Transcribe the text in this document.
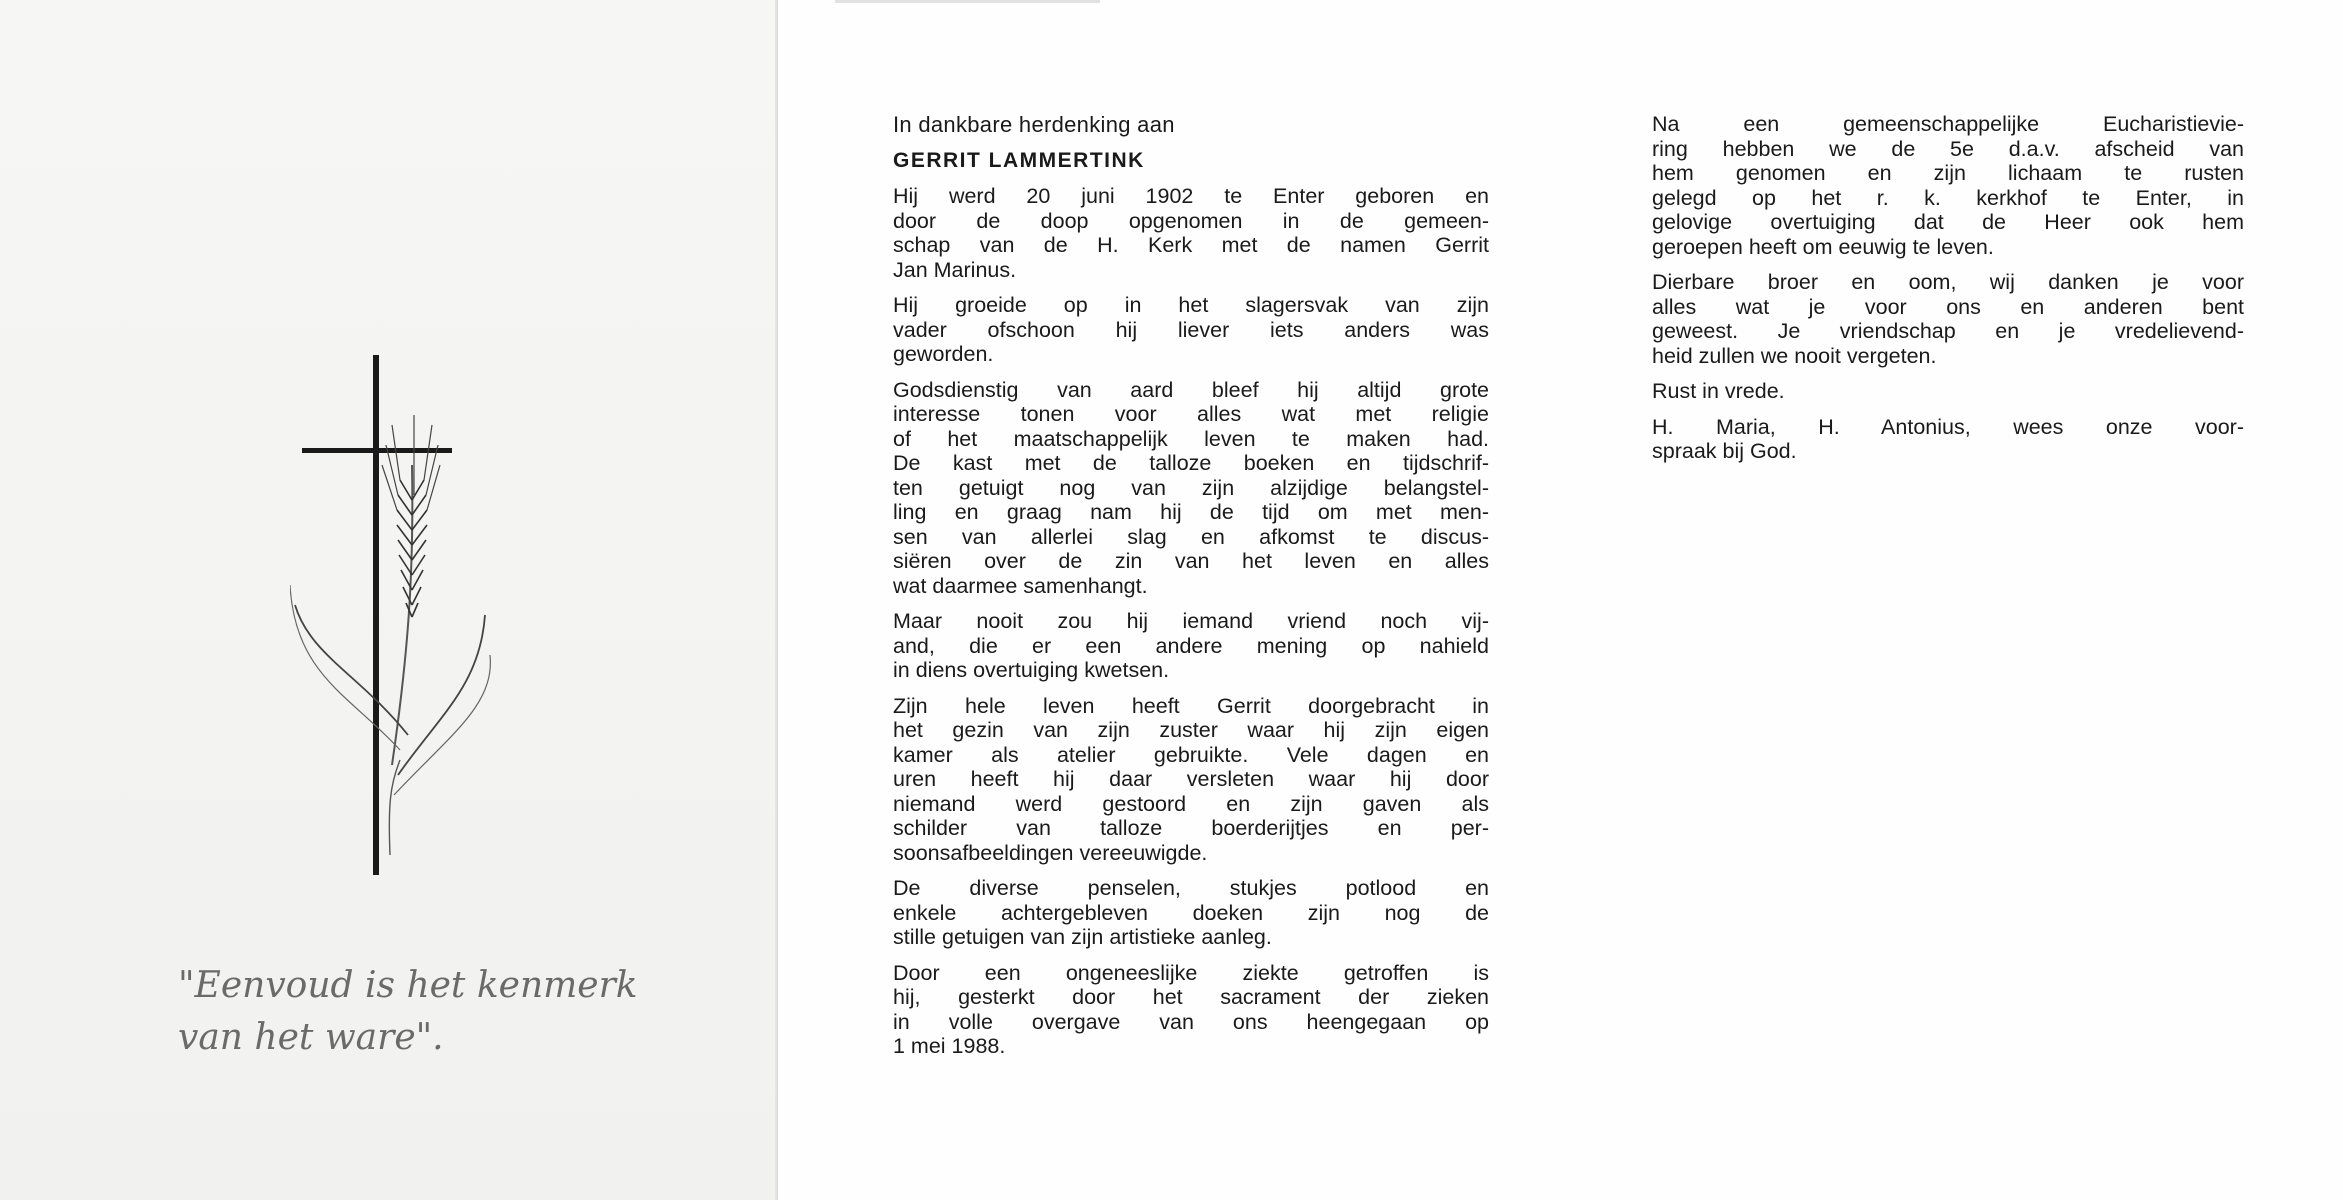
"Eenvoud is het kenmerk
van het ware".

In dankbare herdenking aan

GERRIT LAMMERTINK

Hij werd 20 juni 1902 te Enter geboren en
door de doop opgenomen in de gemeen-
schap van de H. Kerk met de namen Gerrit
Jan Marinus.

Hij groeide op in het slagersvak van zijn
vader ofschoon hij liever iets anders was
geworden.

Godsdienstig van aard bleef hij altijd grote
interesse tonen voor alles wat met religie
of het maatschappelijk leven te maken had.
De kast met de talloze boeken en tijdschrif-
ten getuigt nog van zijn alzijdige belangstel-
ling en graag nam hij de tijd om met men-
sen van allerlei slag en afkomst te discus-
siëren over de zin van het leven en alles
wat daarmee samenhangt.

Maar nooit zou hij iemand vriend noch vij-
and, die er een andere mening op nahield
in diens overtuiging kwetsen.

Zijn hele leven heeft Gerrit doorgebracht in
het gezin van zijn zuster waar hij zijn eigen
kamer als atelier gebruikte. Vele dagen en
uren heeft hij daar versleten waar hij door
niemand werd gestoord en zijn gaven als
schilder van talloze boerderijtjes en per-
soonsafbeeldingen vereeuwigde.

De diverse penselen, stukjes potlood en
enkele achtergebleven doeken zijn nog de
stille getuigen van zijn artistieke aanleg.

Door een ongeneeslijke ziekte getroffen is
hij, gesterkt door het sacrament der zieken
in volle overgave van ons heengegaan op
1 mei 1988.

Na een gemeenschappelijke Eucharistievie-
ring hebben we de 5e d.a.v. afscheid van
hem genomen en zijn lichaam te rusten
gelegd op het r. k. kerkhof te Enter, in
gelovige overtuiging dat de Heer ook hem
geroepen heeft om eeuwig te leven.

Dierbare broer en oom, wij danken je voor
alles wat je voor ons en anderen bent
geweest. Je vriendschap en je vredelievend-
heid zullen we nooit vergeten.

Rust in vrede.

H. Maria, H. Antonius, wees onze voor-
spraak bij God.
